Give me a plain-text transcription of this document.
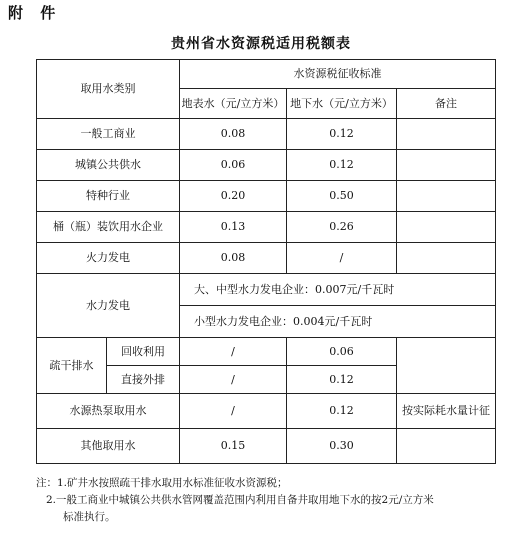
附 件
贵州省水资源税适用税额表
取用水类别		水资源税征收标准		
		地表水（元/立方米）	地下水（元/立方米）	备注
一般工商业		0.08	0.12	
城镇公共供水		0.06	0.12	
特种行业		0.20	0.50	
桶（瓶）装饮用水企业		0.13	0.26	
火力发电		0.08	/	
水力发电		大、中型水力发电企业：0.007元/千瓦时		
		小型水力发电企业：0.004元/千瓦时		
疏干排水	回收利用	/	0.06	
	直接外排	/	0.12	
水源热泵取用水		/	0.12	按实际耗水量计征
其他取用水		0.15	0.30	
注：1.矿井水按照疏干排水取用水标准征收水资源税；
2.一般工商业中城镇公共供水管网覆盖范围内利用自备井取用地下水的按2元/立方米
标准执行。
